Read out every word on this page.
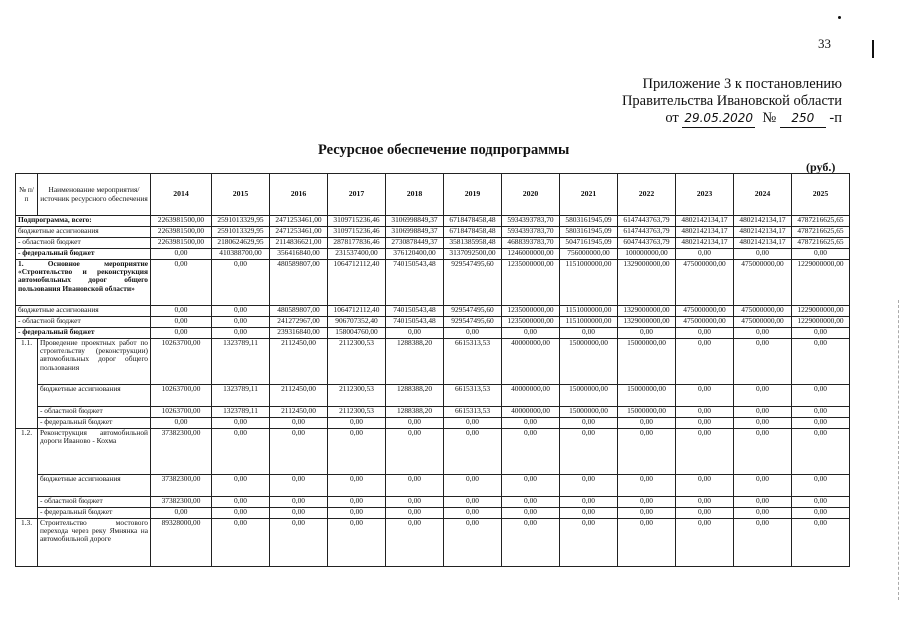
33
Приложение 3 к постановлению
Правительства Ивановской области
от 29.05.2020 № 250 -п
Ресурсное обеспечение подпрограммы
(руб.)
№ п/п	Наименование мероприятия/источник ресурсного обеспечения	2014	2015	2016	2017	2018	2019	2020	2021	2022	2023	2024	2025
Подпрограмма, всего:		2263981500,00	2591013329,95	2471253461,00	3109715236,46	3106998849,37	6718478458,48	5934393783,70	5803161945,09	6147443763,79	4802142134,17	4802142134,17	4787216625,65
бюджетные ассигнования		2263981500,00	2591013329,95	2471253461,00	3109715236,46	3106998849,37	6718478458,48	5934393783,70	5803161945,09	6147443763,79	4802142134,17	4802142134,17	4787216625,65
- областной бюджет		2263981500,00	2180624629,95	2114836621,00	2878177836,46	2730878449,37	3581385958,48	4688393783,70	5047161945,09	6047443763,79	4802142134,17	4802142134,17	4787216625,65
- федеральный бюджет		0,00	410388700,00	356416840,00	231537400,00	376120400,00	3137092500,00	1246000000,00	756000000,00	100000000,00	0,00	0,00	0,00
1. Основное мероприятие «Строительство и реконструкция автомобильных дорог общего пользования Ивановской области»		0,00	0,00	480589807,00	1064712112,40	740150543,48	929547495,60	1235000000,00	1151000000,00	1329000000,00	475000000,00	475000000,00	1229000000,00
бюджетные ассигнования		0,00	0,00	480589807,00	1064712112,40	740150543,48	929547495,60	1235000000,00	1151000000,00	1329000000,00	475000000,00	475000000,00	1229000000,00
- областной бюджет		0,00	0,00	241272967,00	906707352,40	740150543,48	929547495,60	1235000000,00	1151000000,00	1329000000,00	475000000,00	475000000,00	1229000000,00
- федеральный бюджет		0,00	0,00	239316840,00	158004760,00	0,00	0,00	0,00	0,00	0,00	0,00	0,00	0,00
1.1.	Проведение проектных работ по строительству (реконструкции) автомобильных дорог общего пользования	10263700,00	1323789,11	2112450,00	2112300,53	1288388,20	6615313,53	40000000,00	15000000,00	15000000,00	0,00	0,00	0,00
	бюджетные ассигнования	10263700,00	1323789,11	2112450,00	2112300,53	1288388,20	6615313,53	40000000,00	15000000,00	15000000,00	0,00	0,00	0,00
	- областной бюджет	10263700,00	1323789,11	2112450,00	2112300,53	1288388,20	6615313,53	40000000,00	15000000,00	15000000,00	0,00	0,00	0,00
	- федеральный бюджет	0,00	0,00	0,00	0,00	0,00	0,00	0,00	0,00	0,00	0,00	0,00	0,00
1.2.	Реконструкция автомобильной дороги Иваново - Кохма	37382300,00	0,00	0,00	0,00	0,00	0,00	0,00	0,00	0,00	0,00	0,00	0,00
	бюджетные ассигнования	37382300,00	0,00	0,00	0,00	0,00	0,00	0,00	0,00	0,00	0,00	0,00	0,00
	- областной бюджет	37382300,00	0,00	0,00	0,00	0,00	0,00	0,00	0,00	0,00	0,00	0,00	0,00
	- федеральный бюджет	0,00	0,00	0,00	0,00	0,00	0,00	0,00	0,00	0,00	0,00	0,00	0,00
1.3.	Строительство мостового перехода через реку Ямнянка на автомобильной дороге	89328000,00	0,00	0,00	0,00	0,00	0,00	0,00	0,00	0,00	0,00	0,00	0,00
